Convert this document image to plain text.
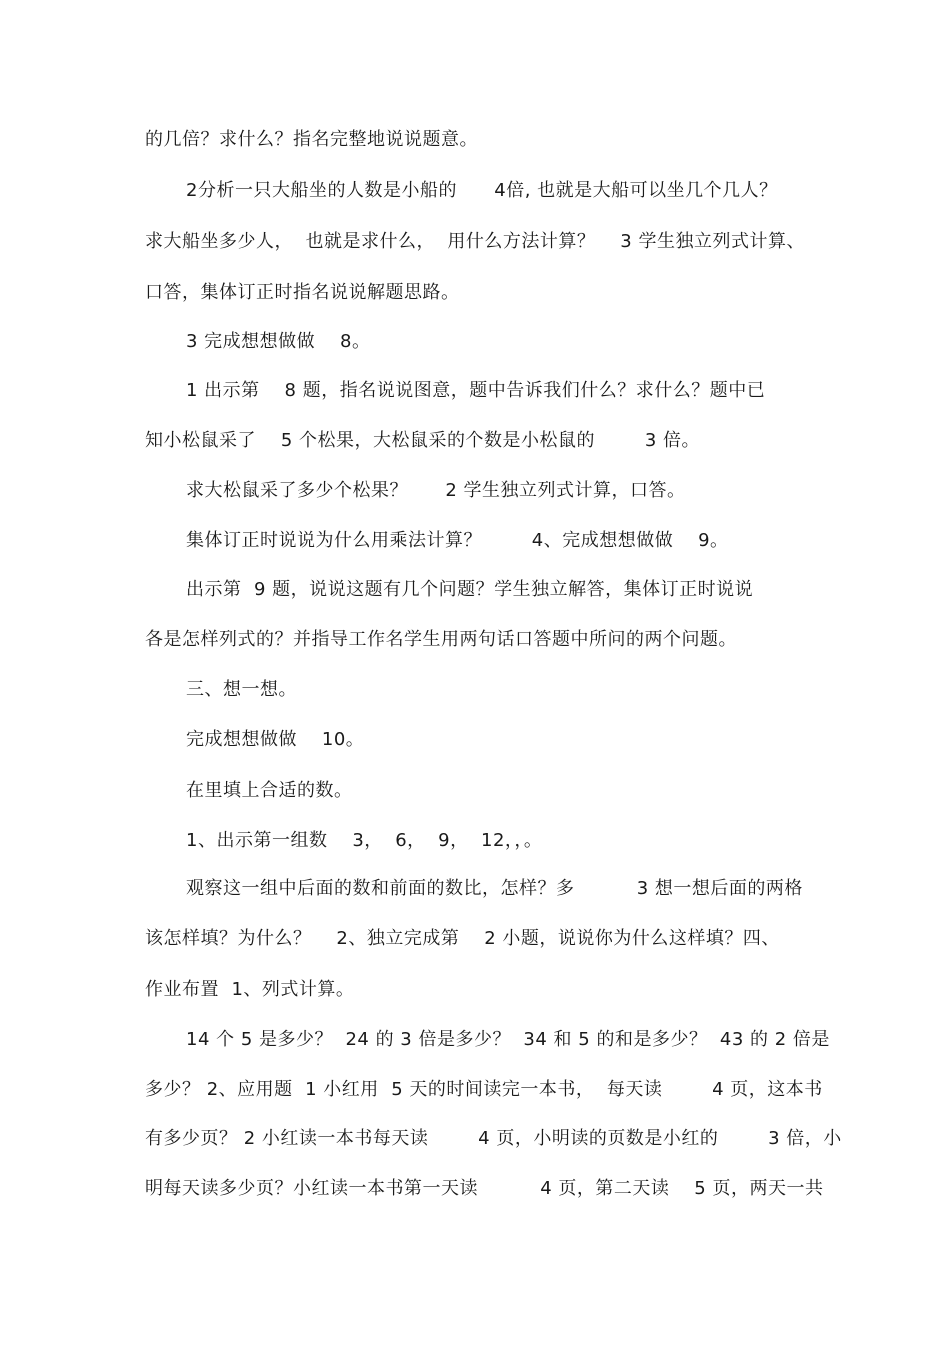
的几倍？求什么？指名完整地说说题意。
2分析一只大船坐的人数是小船的      4倍, 也就是大船可以坐几个几人？
求大船坐多少人，  也就是求什么，  用什么方法计算？    3 学生独立列式计算、
口答，集体订正时指名说说解题思路。
3 完成想想做做    8。
1 出示第    8 题，指名说说图意，题中告诉我们什么？求什么？题中已
知小松鼠采了    5 个松果，大松鼠采的个数是小松鼠的        3 倍。
求大松鼠采了多少个松果？      2 学生独立列式计算，口答。
集体订正时说说为什么用乘法计算？        4、完成想想做做    9。
出示第  9 题，说说这题有几个问题？学生独立解答，集体订正时说说
各是怎样列式的？并指导工作名学生用两句话口答题中所问的两个问题。
三、想一想。
完成想想做做    10。
在里填上合适的数。
1、出示第一组数    3，  6，  9，  12，，。
观察这一组中后面的数和前面的数比，怎样？多          3 想一想后面的两格
该怎样填？为什么？    2、独立完成第    2 小题，说说你为什么这样填？四、
作业布置  1、列式计算。
14 个 5 是多少？  24 的 3 倍是多少？  34 和 5 的和是多少？  43 的 2 倍是
多少？ 2、应用题  1 小红用  5 天的时间读完一本书，  每天读        4 页，这本书
有多少页？ 2 小红读一本书每天读        4 页，小明读的页数是小红的        3 倍，小
明每天读多少页？小红读一本书第一天读          4 页，第二天读    5 页，两天一共
